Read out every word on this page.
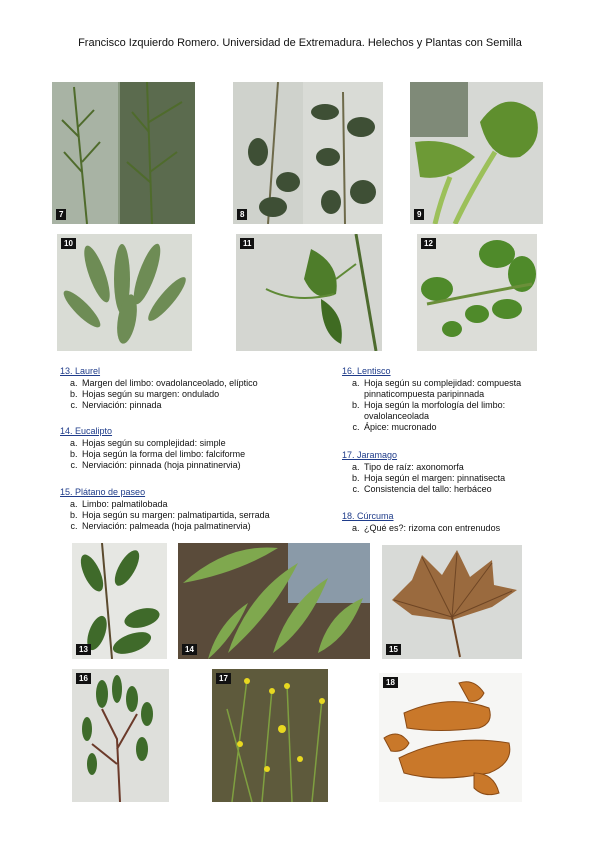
Francisco Izquierdo Romero. Universidad de Extremadura. Helechos y Plantas con Semilla
7	8	9
10	11	12
13. Laurel
a. Margen del limbo: ovadolanceolado, elíptico
b. Hojas según su margen: ondulado
c. Nerviación: pinnada
14. Eucalipto
a. Hojas según su complejidad: simple
b. Hoja según la forma del limbo: falciforme
c. Nerviación: pinnada (hoja pinnatinervia)
15. Plátano de paseo
a. Limbo: palmatilobada
b. Hoja según su margen: palmatipartida, serrada
c. Nerviación: palmeada (hoja palmatinervia)
16. Lentisco
a. Hoja según su complejidad: compuesta pinnaticompuesta paripinnada
b. Hoja según la morfología del limbo: ovalolanceolada
c. Ápice: mucronado
17. Jaramago
a. Tipo de raíz: axonomorfa
b. Hoja según el margen: pinnatisecta
c. Consistencia del tallo: herbáceo
18. Cúrcuma
a. ¿Qué es?: rizoma con entrenudos
13	14	15
16	17	18
